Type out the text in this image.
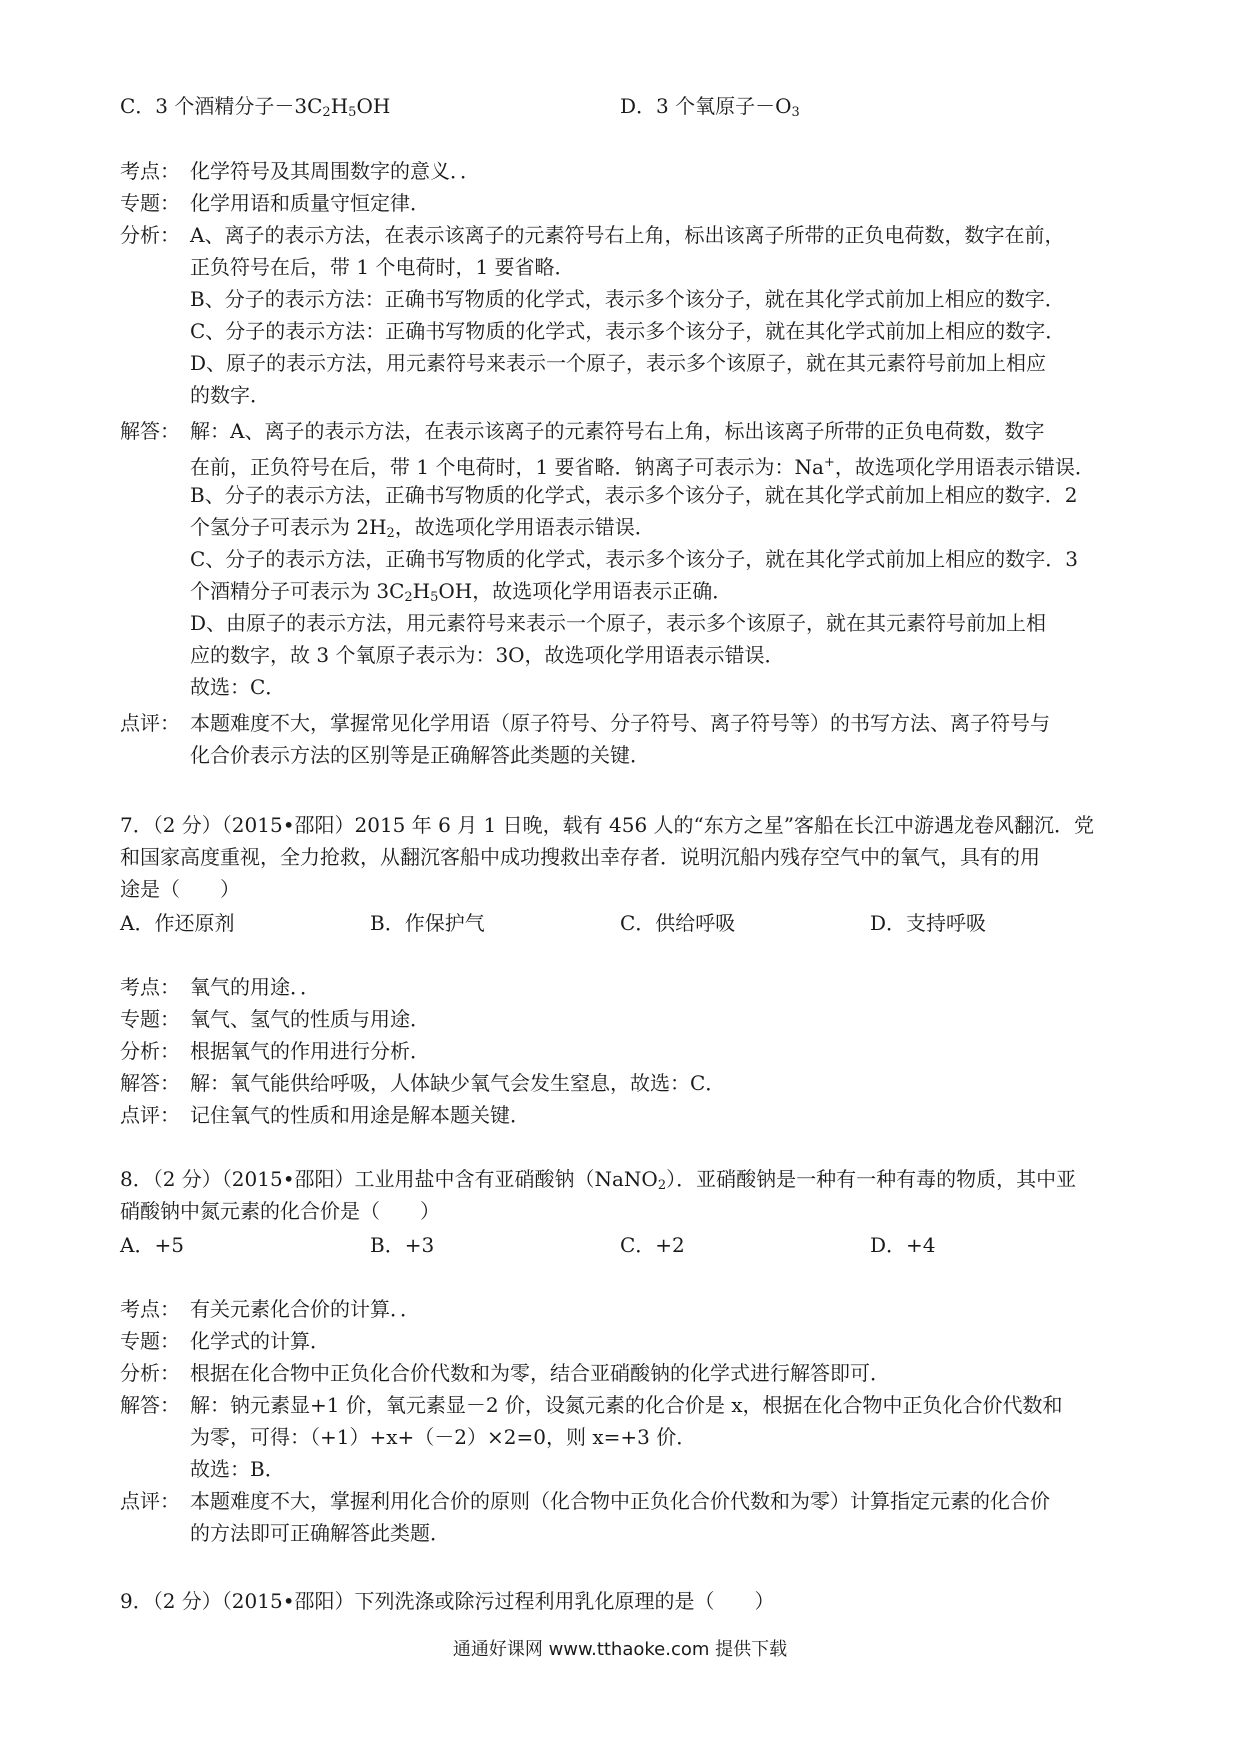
C．3 个酒精分子$-3C_2H_5OH$	D．3 个氧原子$-O_3$
考点： 化学符号及其周围数字的意义．．
专题： 化学用语和质量守恒定律．
分析： A、离子的表示方法，在表示该离子的元素符号右上角，标出该离子所带的正负电荷数，数字在前，
正负符号在后，带 1 个电荷时，1 要省略．
B、分子的表示方法：正确书写物质的化学式，表示多个该分子，就在其化学式前加上相应的数字．
C、分子的表示方法：正确书写物质的化学式，表示多个该分子，就在其化学式前加上相应的数字．
D、原子的表示方法，用元素符号来表示一个原子，表示多个该原子，就在其元素符号前加上相应
的数字．
解答： 解：A、离子的表示方法，在表示该离子的元素符号右上角，标出该离子所带的正负电荷数，数字
在前，正负符号在后，带 1 个电荷时，1 要省略．钠离子可表示为：Na+，故选项化学用语表示错误．
B、分子的表示方法，正确书写物质的化学式，表示多个该分子，就在其化学式前加上相应的数字．2
个氢分子可表示为 $2H_2$，故选项化学用语表示错误．
C、分子的表示方法，正确书写物质的化学式，表示多个该分子，就在其化学式前加上相应的数字．3
个酒精分子可表示为 $3C_2H_5OH$，故选项化学用语表示正确．
D、由原子的表示方法，用元素符号来表示一个原子，表示多个该原子，就在其元素符号前加上相
应的数字，故 3 个氧原子表示为：3O，故选项化学用语表示错误．
故选：C．
点评： 本题难度不大，掌握常见化学用语（原子符号、分子符号、离子符号等）的书写方法、离子符号与
化合价表示方法的区别等是正确解答此类题的关键．
7．（2 分）（2015•邵阳）2015 年 6 月 1 日晚，载有 456 人的“东方之星”客船在长江中游遇龙卷风翻沉．党
和国家高度重视，全力抢救，从翻沉客船中成功搜救出幸存者．说明沉船内残存空气中的氧气，具有的用
途是（　　）
A．作还原剂	B．作保护气	C．供给呼吸	D．支持呼吸
考点： 氧气的用途．．
专题： 氧气、氢气的性质与用途．
分析： 根据氧气的作用进行分析．
解答： 解：氧气能供给呼吸，人体缺少氧气会发生窒息，故选：C．
点评： 记住氧气的性质和用途是解本题关键．
8．（2 分）（2015•邵阳）工业用盐中含有亚硝酸钠（NaNO$_2$）．亚硝酸钠是一种有一种有毒的物质，其中亚
硝酸钠中氮元素的化合价是（　　）
A．+5	B．+3	C．+2	D．+4
考点： 有关元素化合价的计算．．
专题： 化学式的计算．
分析： 根据在化合物中正负化合价代数和为零，结合亚硝酸钠的化学式进行解答即可．
解答： 解：钠元素显+1 价，氧元素显－2 价，设氮元素的化合价是 x，根据在化合物中正负化合价代数和
为零，可得：（+1）+x+（－2）×2=0，则 x=+3 价．
故选：B．
点评： 本题难度不大，掌握利用化合价的原则（化合物中正负化合价代数和为零）计算指定元素的化合价
的方法即可正确解答此类题．
9．（2 分）（2015•邵阳）下列洗涤或除污过程利用乳化原理的是（　　）
通通好课网 www.tthaoke.com 提供下载
